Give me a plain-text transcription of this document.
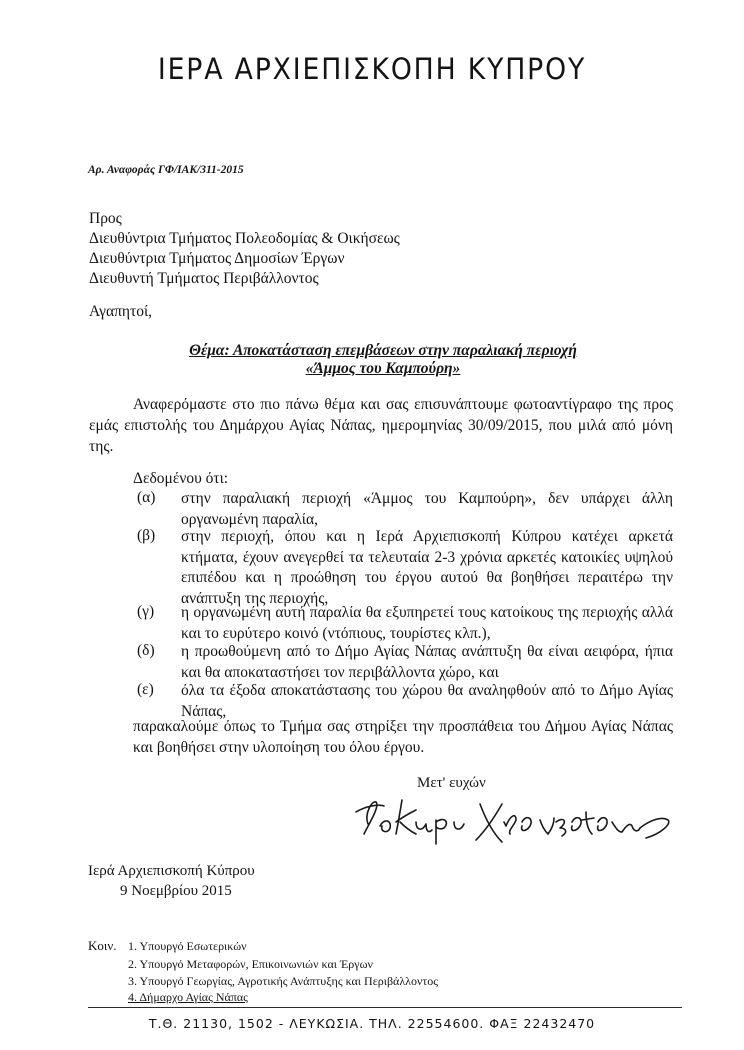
ΙΕΡΑ ΑΡΧΙΕΠΙΣΚΟΠΗ ΚΥΠΡΟΥ
Αρ. Αναφοράς ΓΦ/ΙΑΚ/311-2015
Προς
Διευθύντρια Τμήματος Πολεοδομίας & Οικήσεως
Διευθύντρια Τμήματος Δημοσίων Έργων
Διευθυντή Τμήματος Περιβάλλοντος
Αγαπητοί,
Θέμα: Αποκατάσταση επεμβάσεων στην παραλιακή περιοχή
«Άμμος του Καμπούρη»
Αναφερόμαστε στο πιο πάνω θέμα και σας επισυνάπτουμε φωτοαντίγραφο της προς εμάς επιστολής του Δημάρχου Αγίας Νάπας, ημερομηνίας 30/09/2015, που μιλά από μόνη της.
Δεδομένου ότι:
(α) στην παραλιακή περιοχή «Άμμος του Καμπούρη», δεν υπάρχει άλλη οργανωμένη παραλία,
(β) στην περιοχή, όπου και η Ιερά Αρχιεπισκοπή Κύπρου κατέχει αρκετά κτήματα, έχουν ανεγερθεί τα τελευταία 2-3 χρόνια αρκετές κατοικίες υψηλού επιπέδου και η προώθηση του έργου αυτού θα βοηθήσει περαιτέρω την ανάπτυξη της περιοχής,
(γ) η οργανωμένη αυτή παραλία θα εξυπηρετεί τους κατοίκους της περιοχής αλλά και το ευρύτερο κοινό (ντόπιους, τουρίστες κλπ.),
(δ) η προωθούμενη από το Δήμο Αγίας Νάπας ανάπτυξη θα είναι αειφόρα, ήπια και θα αποκαταστήσει τον περιβάλλοντα χώρο, και
(ε) όλα τα έξοδα αποκατάστασης του χώρου θα αναληφθούν από το Δήμο Αγίας Νάπας,
παρακαλούμε όπως το Τμήμα σας στηρίξει την προσπάθεια του Δήμου Αγίας Νάπας και βοηθήσει στην υλοποίηση του όλου έργου.
Μετ' ευχών
Ιερά Αρχιεπισκοπή Κύπρου
9 Νοεμβρίου 2015
Κοιν. 1. Υπουργό Εσωτερικών
2. Υπουργό Μεταφορών, Επικοινωνιών και Έργων
3. Υπουργό Γεωργίας, Αγροτικής Ανάπτυξης και Περιβάλλοντος
4. Δήμαρχο Αγίας Νάπας
Τ.Θ. 21130, 1502 - ΛΕΥΚΩΣΙΑ. ΤΗΛ. 22554600. ΦΑΞ 22432470
